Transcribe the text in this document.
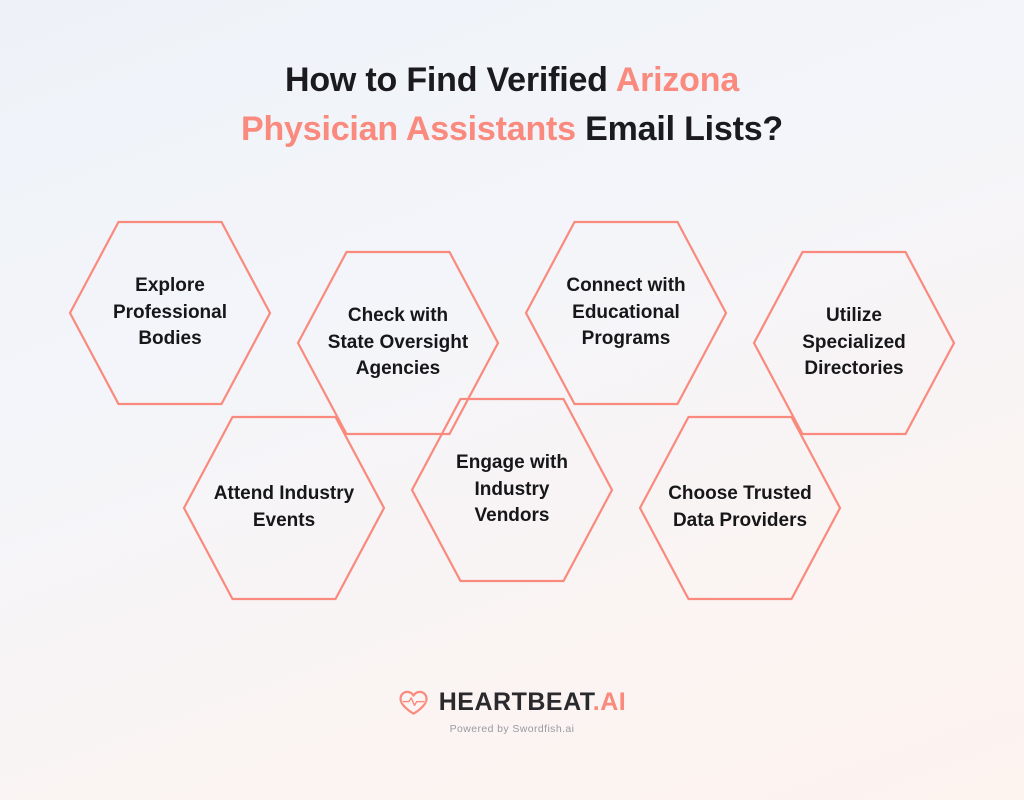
How to Find Verified Arizona
Physician Assistants Email Lists?
Explore Professional Bodies
Check with State Oversight Agencies
Connect with Educational Programs
Utilize Specialized Directories
Attend Industry Events
Engage with Industry Vendors
Choose Trusted Data Providers
HEARTBEAT.AI
Powered by Swordfish.ai
